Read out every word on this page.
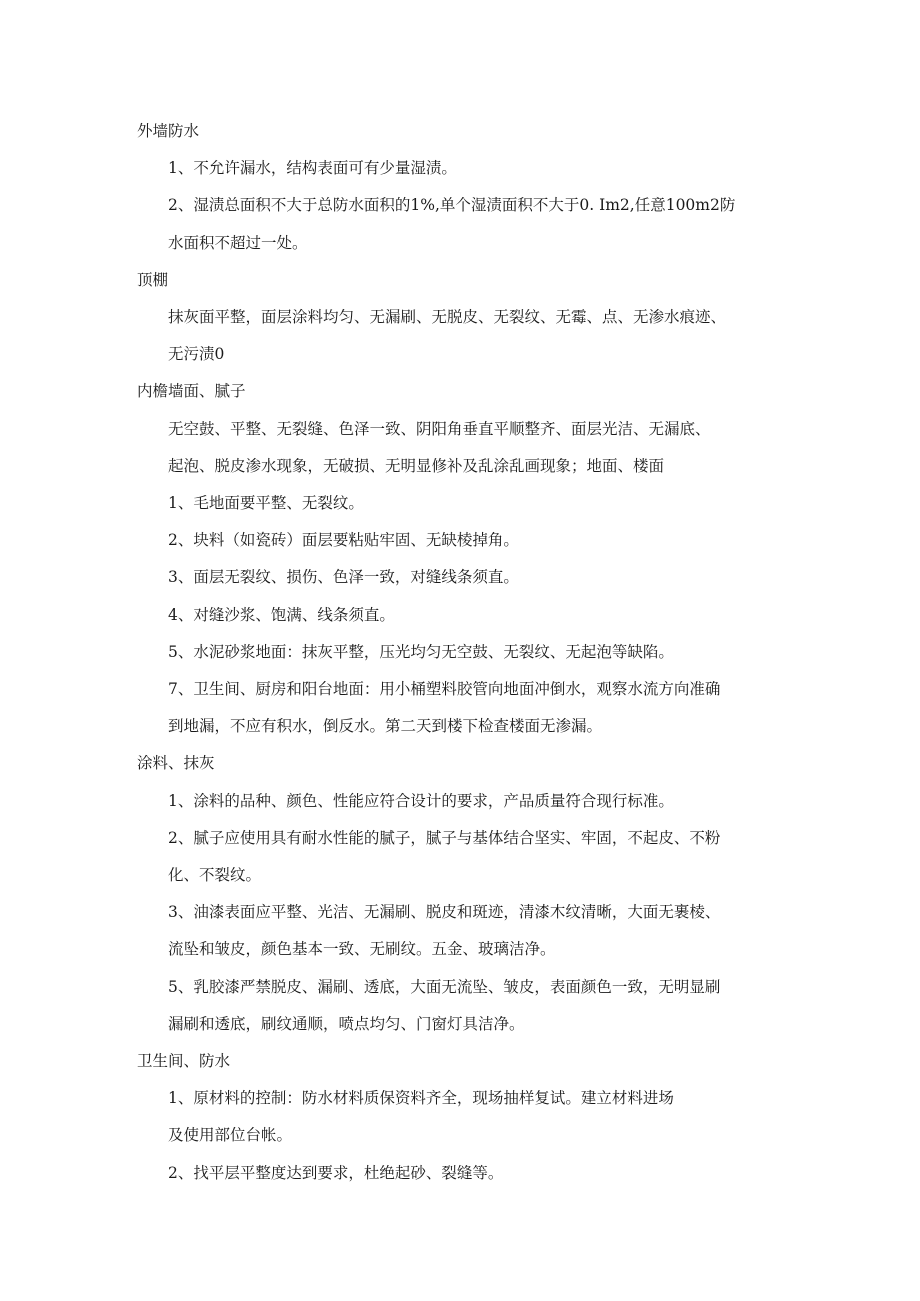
外墙防水
1、不允许漏水，结构表面可有少量湿渍。
2、湿渍总面积不大于总防水面积的1%,单个湿渍面积不大于0. Im2,任意100m2防
水面积不超过一处。
顶棚
抹灰面平整，面层涂料均匀、无漏刷、无脱皮、无裂纹、无霉、点、无渗水痕迹、
无污渍0
内檐墙面、腻子
无空鼓、平整、无裂缝、色泽一致、阴阳角垂直平顺整齐、面层光洁、无漏底、
起泡、脱皮渗水现象，无破损、无明显修补及乱涂乱画现象；地面、楼面
1、毛地面要平整、无裂纹。
2、块料（如瓷砖）面层要粘贴牢固、无缺棱掉角。
3、面层无裂纹、损伤、色泽一致，对缝线条须直。
4、对缝沙浆、饱满、线条须直。
5、水泥砂浆地面：抹灰平整，压光均匀无空鼓、无裂纹、无起泡等缺陷。
7、卫生间、厨房和阳台地面：用小桶塑料胶管向地面冲倒水，观察水流方向准确
到地漏，不应有积水，倒反水。第二天到楼下检查楼面无渗漏。
涂料、抹灰
1、涂料的品种、颜色、性能应符合设计的要求，产品质量符合现行标准。
2、腻子应使用具有耐水性能的腻子，腻子与基体结合坚实、牢固，不起皮、不粉
化、不裂纹。
3、油漆表面应平整、光洁、无漏刷、脱皮和斑迹，清漆木纹清晰，大面无裹棱、
流坠和皱皮，颜色基本一致、无刷纹。五金、玻璃洁净。
5、乳胶漆严禁脱皮、漏刷、透底，大面无流坠、皱皮，表面颜色一致，无明显刷
漏刷和透底，刷纹通顺，喷点均匀、门窗灯具洁净。
卫生间、防水
1、原材料的控制：防水材料质保资料齐全，现场抽样复试。建立材料进场
及使用部位台帐。
2、找平层平整度达到要求，杜绝起砂、裂缝等。
